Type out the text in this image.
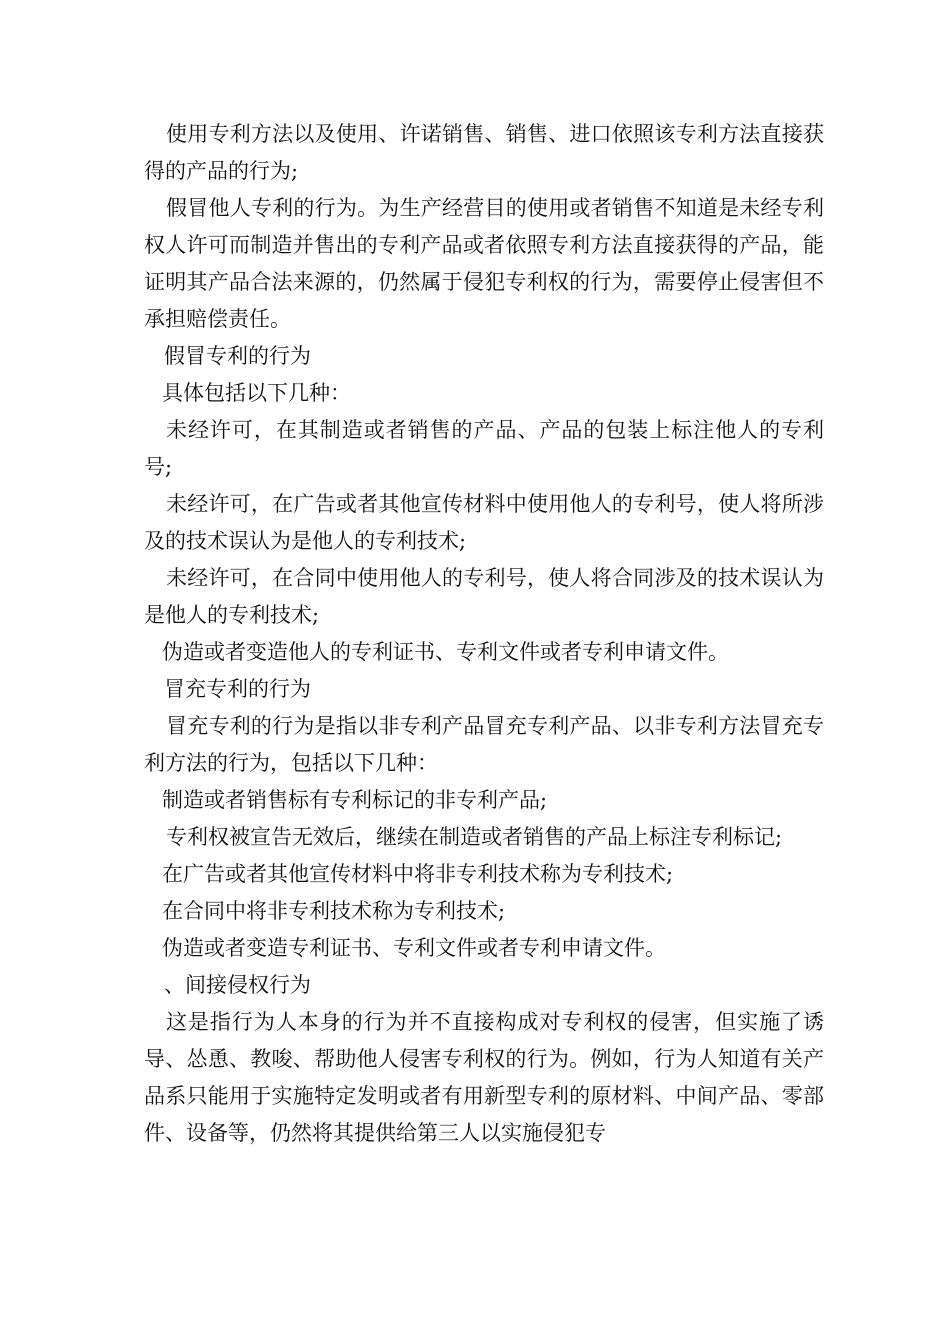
使用专利方法以及使用、许诺销售、销售、进口依照该专利方法直接获得的产品的行为;

假冒他人专利的行为。为生产经营目的使用或者销售不知道是未经专利权人许可而制造并售出的专利产品或者依照专利方法直接获得的产品，能证明其产品合法来源的，仍然属于侵犯专利权的行为，需要停止侵害但不承担赔偿责任。

假冒专利的行为

具体包括以下几种：

未经许可，在其制造或者销售的产品、产品的包装上标注他人的专利号;

未经许可，在广告或者其他宣传材料中使用他人的专利号，使人将所涉及的技术误认为是他人的专利技术;

未经许可，在合同中使用他人的专利号，使人将合同涉及的技术误认为是他人的专利技术;

伪造或者变造他人的专利证书、专利文件或者专利申请文件。

冒充专利的行为

冒充专利的行为是指以非专利产品冒充专利产品、以非专利方法冒充专利方法的行为，包括以下几种：

制造或者销售标有专利标记的非专利产品;

专利权被宣告无效后，继续在制造或者销售的产品上标注专利标记;

在广告或者其他宣传材料中将非专利技术称为专利技术;

在合同中将非专利技术称为专利技术;

伪造或者变造专利证书、专利文件或者专利申请文件。

、间接侵权行为

这是指行为人本身的行为并不直接构成对专利权的侵害，但实施了诱导、怂恿、教唆、帮助他人侵害专利权的行为。例如，行为人知道有关产品系只能用于实施特定发明或者有用新型专利的原材料、中间产品、零部件、设备等，仍然将其提供给第三人以实施侵犯专
